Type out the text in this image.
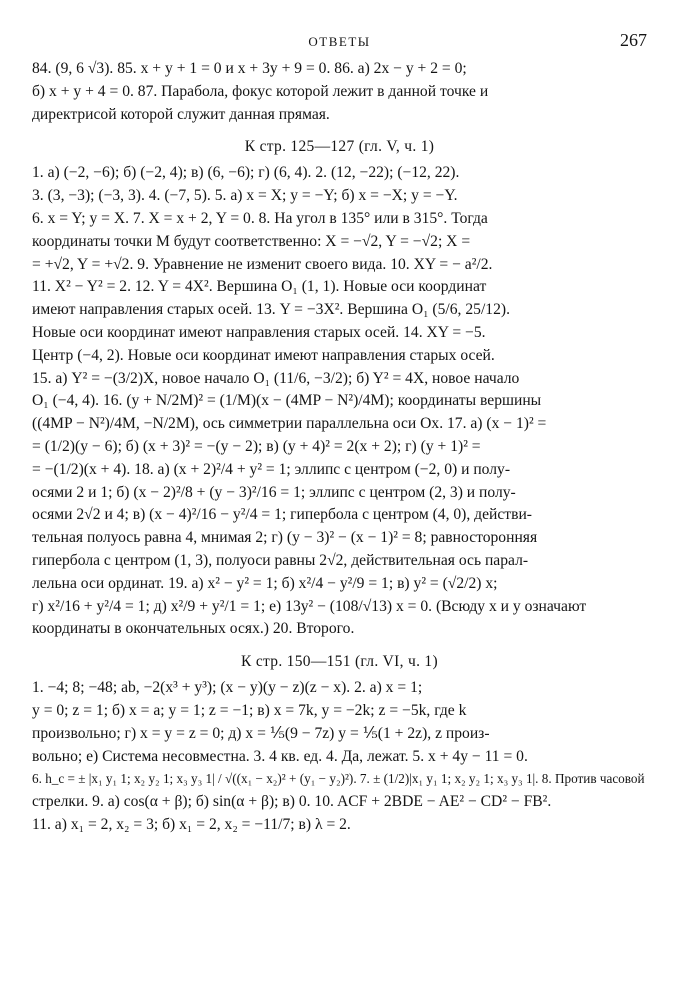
ОТВЕТЫ	267
84. (9, 6 √3). 85. x + y + 1 = 0 и x + 3y + 9 = 0. 86. а) 2x − y + 2 = 0;
б) x + y + 4 = 0. 87. Парабола, фокус которой лежит в данной точке и
директрисой которой служит данная прямая.
К стр. 125—127 (гл. V, ч. 1)
1. а) (−2, −6); б) (−2, 4); в) (6, −6); г) (6, 4). 2. (12, −22); (−12, 22).
3. (3, −3); (−3, 3). 4. (−7, 5). 5. а) x = X; y = −Y; б) x = −X; y = −Y.
6. x = Y; y = X. 7. X = x + 2, Y = 0. 8. На угол в 135° или в 315°. Тогда
координаты точки M будут соответственно: X = −√2, Y = −√2; X =
= +√2, Y = +√2. 9. Уравнение не изменит своего вида. 10. XY = − a²/2.
11. X² − Y² = 2. 12. Y = 4X². Вершина O₁ (1, 1). Новые оси координат
имеют направления старых осей. 13. Y = −3X². Вершина O₁ (5/6, 25/12).
Новые оси координат имеют направления старых осей. 14. XY = −5.
Центр (−4, 2). Новые оси координат имеют направления старых осей.
15. а) Y² = −(3/2)X, новое начало O₁ (11/6, −3/2); б) Y² = 4X, новое начало
O₁ (−4, 4). 16. (y + N/2M)² = (1/M)(x − (4MP − N²)/4M); координаты вершины
((4MP − N²)/4M, −N/2M), ось симметрии параллельна оси Ox. 17. а) (x − 1)² =
= (1/2)(y − 6); б) (x + 3)² = −(y − 2); в) (y + 4)² = 2(x + 2); г) (y + 1)² =
= −(1/2)(x + 4). 18. а) (x + 2)²/4 + y² = 1; эллипс с центром (−2, 0) и полу-
осями 2 и 1; б) (x − 2)²/8 + (y − 3)²/16 = 1; эллипс с центром (2, 3) и полу-
осями 2√2 и 4; в) (x − 4)²/16 − y²/4 = 1; гипербола с центром (4, 0), действи-
тельная полуось равна 4, мнимая 2; г) (y − 3)² − (x − 1)² = 8; равносторонняя
гипербола с центром (1, 3), полуоси равны 2√2, действительная ось парал-
лельна оси ординат. 19. а) x² − y² = 1; б) x²/4 − y²/9 = 1; в) y² = (√2/2) x;
г) x²/16 + y²/4 = 1; д) x²/9 + y²/1 = 1; е) 13y² − (108/√13) x = 0. (Всюду x и y означают
координаты в окончательных осях.) 20. Второго.
К стр. 150—151 (гл. VI, ч. 1)
1. −4; 8; −48; ab, −2(x³ + y³); (x − y)(y − z)(z − x). 2. а) x = 1;
y = 0; z = 1; б) x = a; y = 1; z = −1; в) x = 7k, y = −2k; z = −5k, где k
произвольно; г) x = y = z = 0; д) x = ⅕(9 − 7z) y = ⅕(1 + 2z), z произ-
вольно; е) Система несовместна. 3. 4 кв. ед. 4. Да, лежат. 5. x + 4y − 11 = 0.
6. h_c = ± |x₁ y₁ 1; x₂ y₂ 1; x₃ y₃ 1| / √((x₁ − x₂)² + (y₁ − y₂)²). 7. ± (1/2)|x₁ y₁ 1; x₂ y₂ 1; x₃ y₃ 1|. 8. Против часовой
стрелки. 9. а) cos(α + β); б) sin(α + β); в) 0. 10. ACF + 2BDE − AE² − CD² − FB².
11. а) x₁ = 2, x₂ = 3; б) x₁ = 2, x₂ = −11/7; в) λ = 2.
